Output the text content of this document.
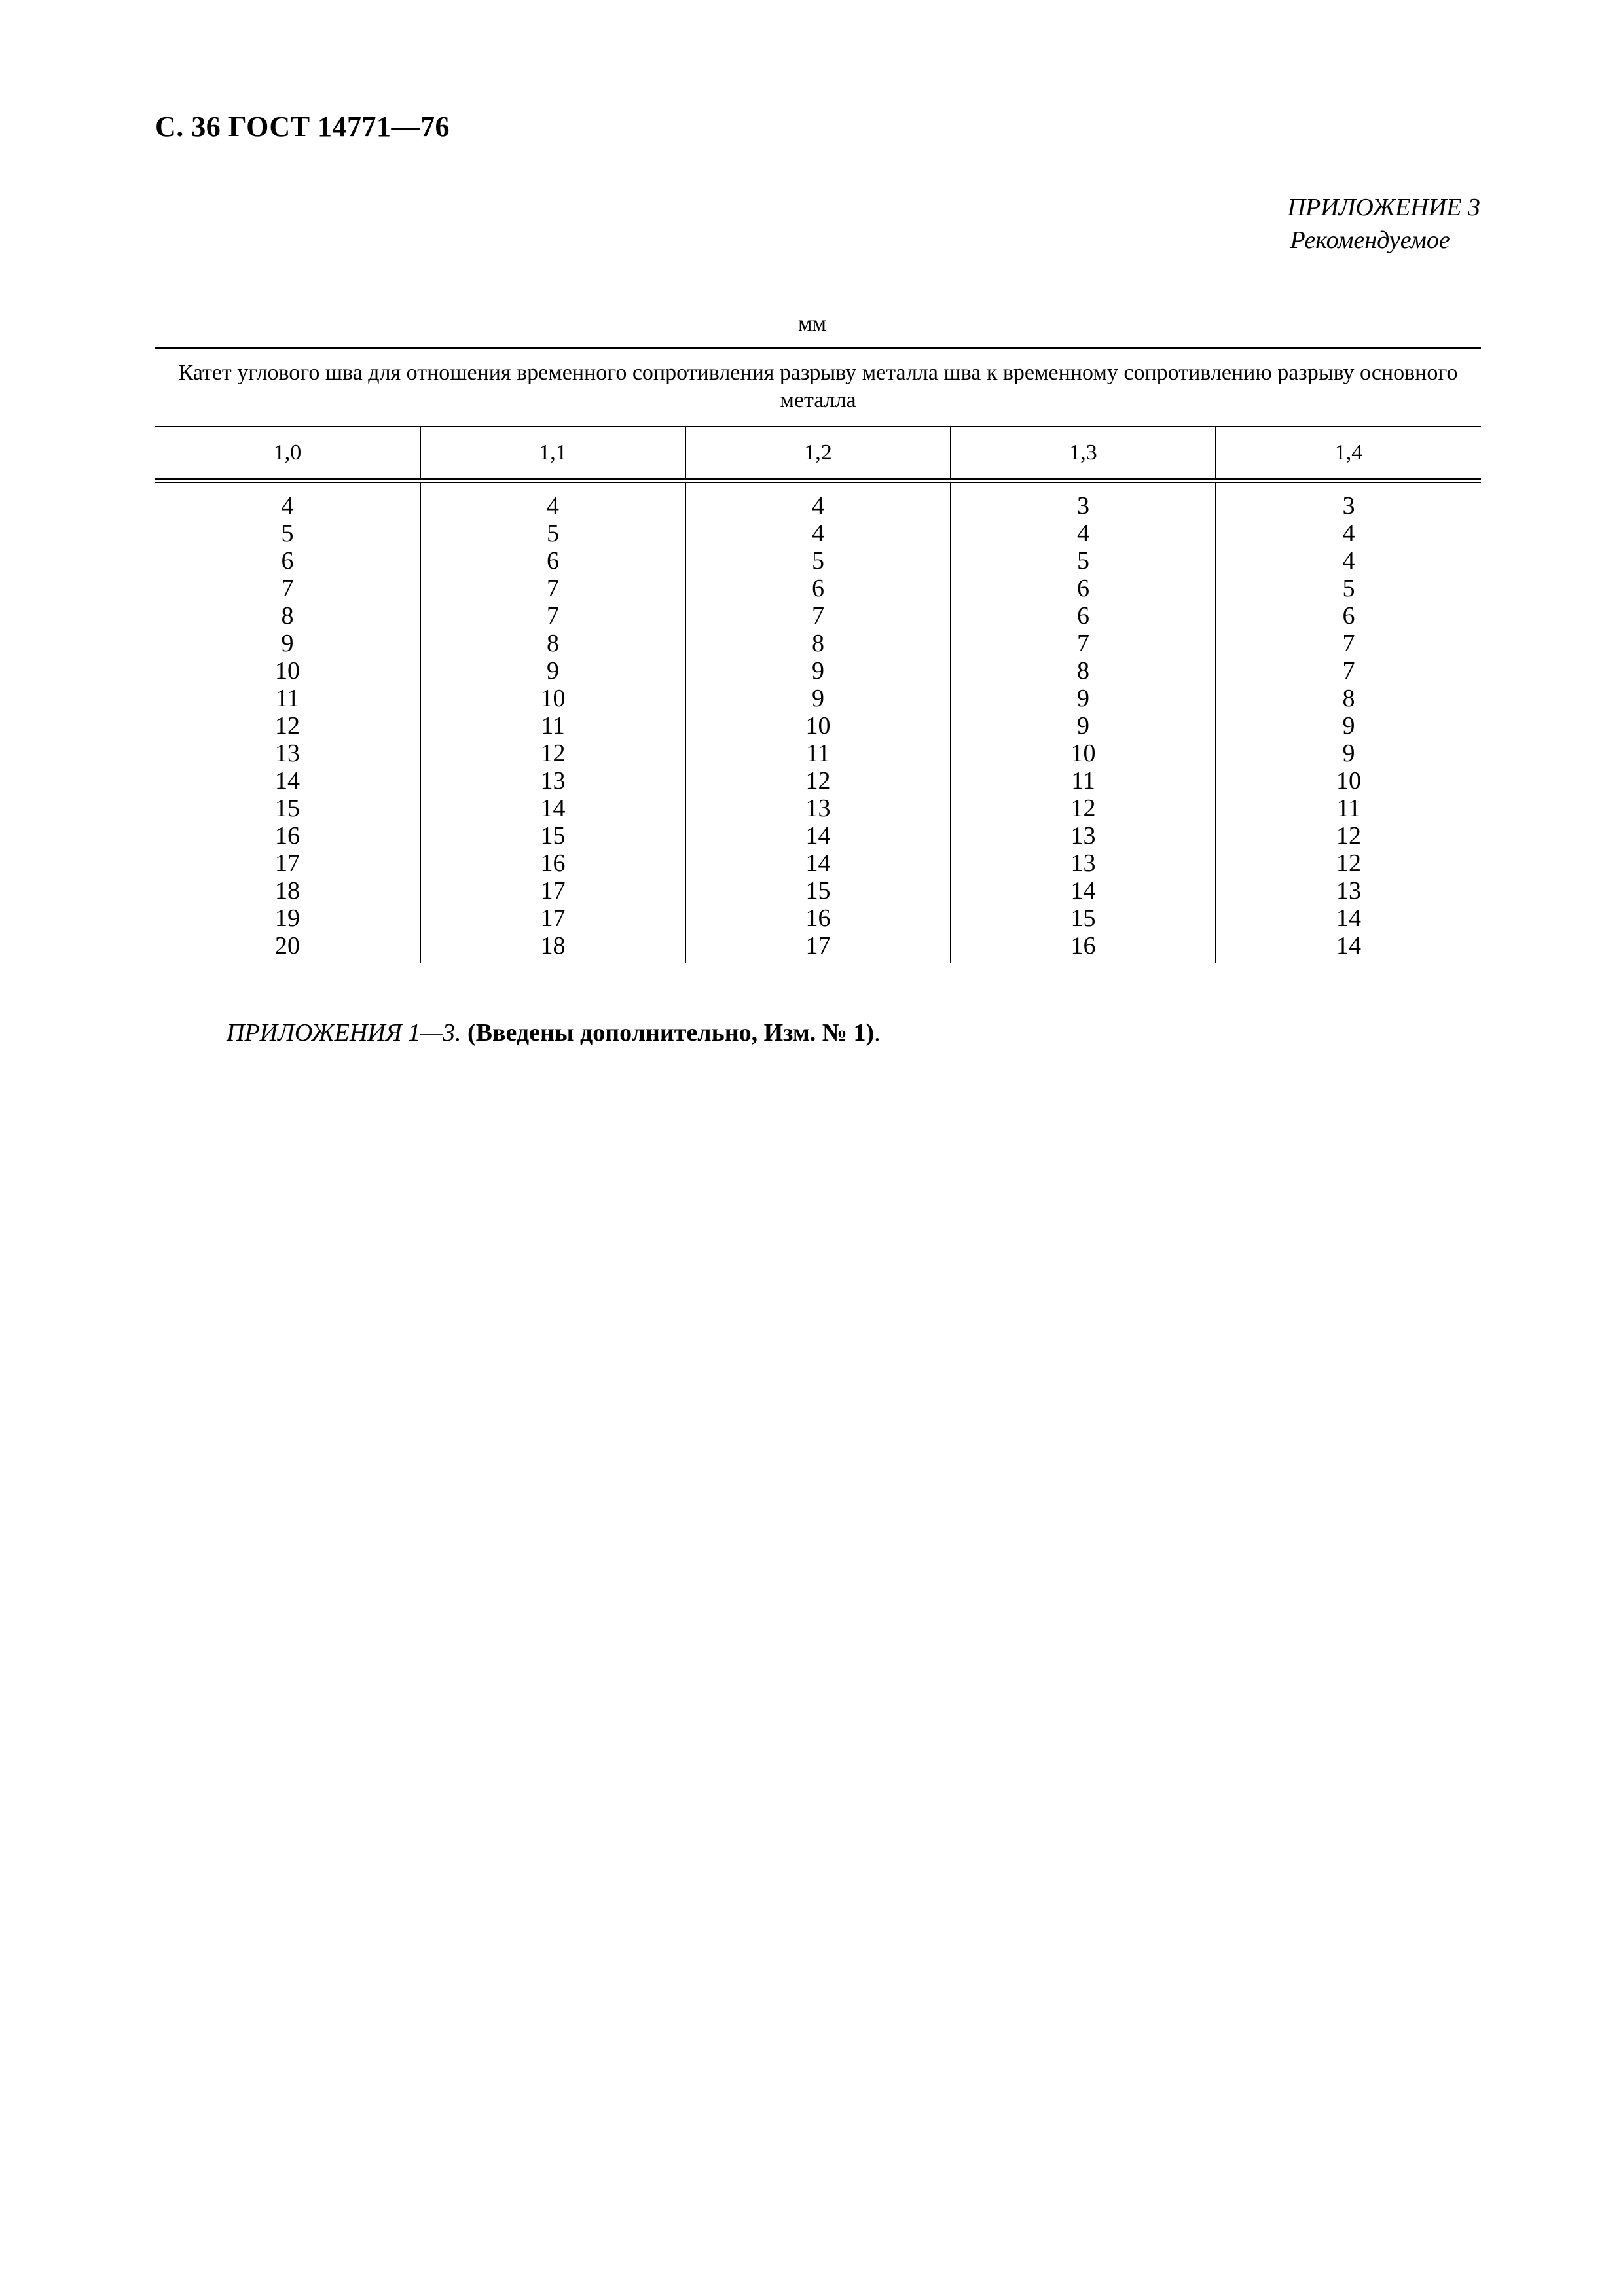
С. 36 ГОСТ 14771—76
ПРИЛОЖЕНИЕ 3
Рекомендуемое
мм
Катет углового шва для отношения временного сопротивления разрыву металла шва к временному сопротивлению разрыву основного металла				
1,0	1,1	1,2	1,3	1,4
4	4	4	3	3
5	5	4	4	4
6	6	5	5	4
7	7	6	6	5
8	7	7	6	6
9	8	8	7	7
10	9	9	8	7
11	10	9	9	8
12	11	10	9	9
13	12	11	10	9
14	13	12	11	10
15	14	13	12	11
16	15	14	13	12
17	16	14	13	12
18	17	15	14	13
19	17	16	15	14
20	18	17	16	14
ПРИЛОЖЕНИЯ 1—3. (Введены дополнительно, Изм. № 1).
